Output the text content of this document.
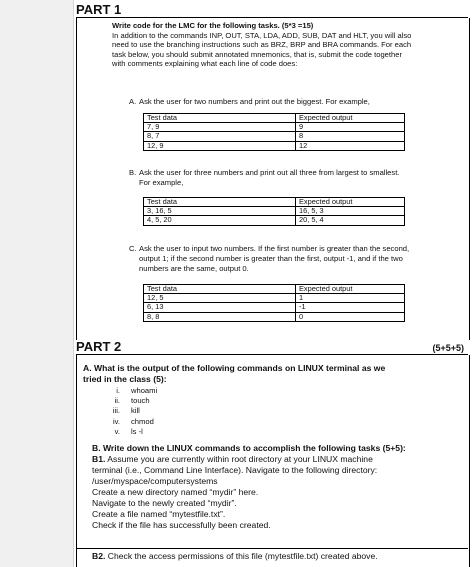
PART 1
Write code for the LMC for the following tasks. (5*3 =15)
In addition to the commands INP, OUT, STA, LDA, ADD, SUB, DAT and HLT, you will also
need to use the branching instructions such as BRZ, BRP and BRA commands. For each
task below, you should submit annotated mnemonics, that is, submit the code together
with comments explaining what each line of code does:
A. Ask the user for two numbers and print out the biggest. For example,
Test data	Expected output
7, 9	9
8, 7	8
12, 9	12
B. Ask the user for three numbers and print out all three from largest to smallest.
For example,
Test data	Expected output
3, 16, 5	16, 5, 3
4, 5, 20	20, 5, 4
C. Ask the user to input two numbers. If the first number is greater than the second,
output 1; if the second number is greater than the first, output -1, and if the two
numbers are the same, output 0.
Test data	Expected output
12, 5	1
6, 13	-1
8, 8	0
PART 2	(5+5+5)
A. What is the output of the following commands on LINUX terminal as we
tried in the class (5):
i. whoami
ii. touch
iii. kill
iv. chmod
v. ls -l
B. Write down the LINUX commands to accomplish the following tasks (5+5):
B1. Assume you are currently within root directory at your LINUX machine
terminal (i.e., Command Line Interface). Navigate to the following directory:
/user/myspace/computersystems
Create a new directory named “mydir” here.
Navigate to the newly created “mydir”.
Create a file named “mytestfile.txt”.
Check if the file has successfully been created.
B2. Check the access permissions of this file (mytestfile.txt) created above.
